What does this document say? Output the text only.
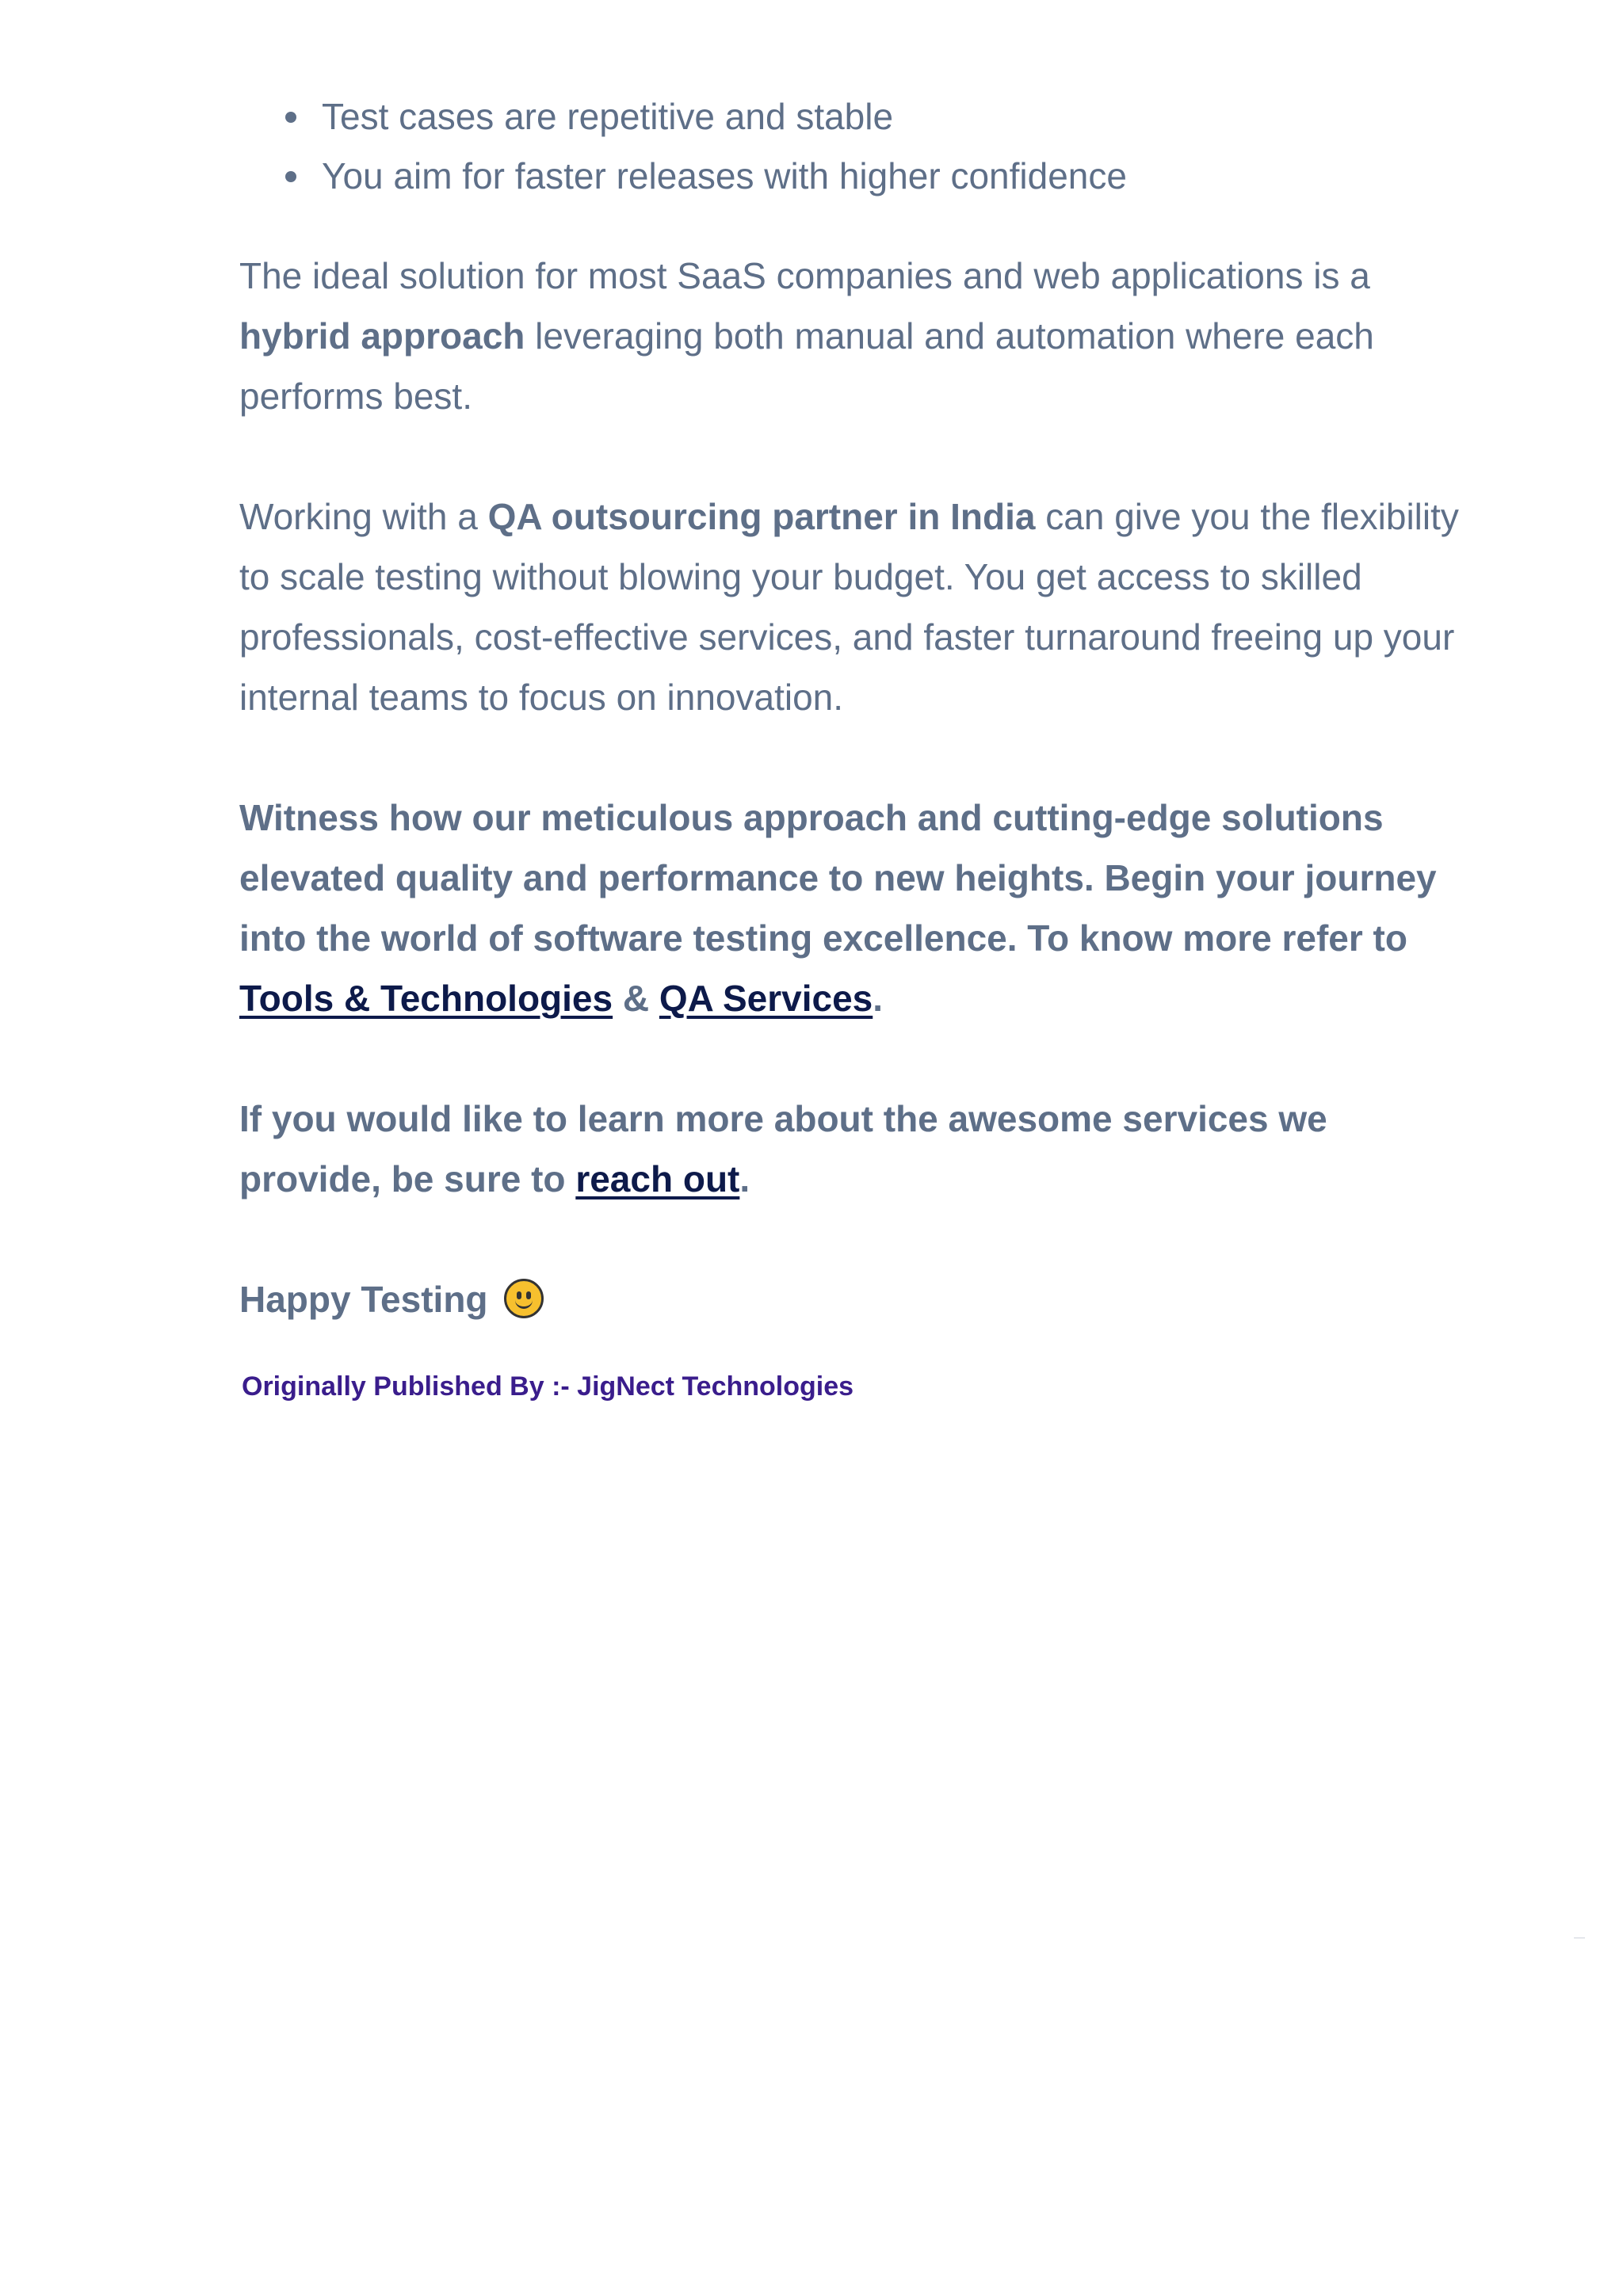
Test cases are repetitive and stable
You aim for faster releases with higher confidence

The ideal solution for most SaaS companies and web applications is a hybrid approach leveraging both manual and automation where each performs best.

Working with a QA outsourcing partner in India can give you the flexibility to scale testing without blowing your budget. You get access to skilled professionals, cost-effective services, and faster turnaround freeing up your internal teams to focus on innovation.

Witness how our meticulous approach and cutting-edge solutions elevated quality and performance to new heights. Begin your journey into the world of software testing excellence. To know more refer to Tools & Technologies & QA Services.

If you would like to learn more about the awesome services we provide, be sure to reach out.

Happy Testing

Originally Published By :- JigNect Technologies
